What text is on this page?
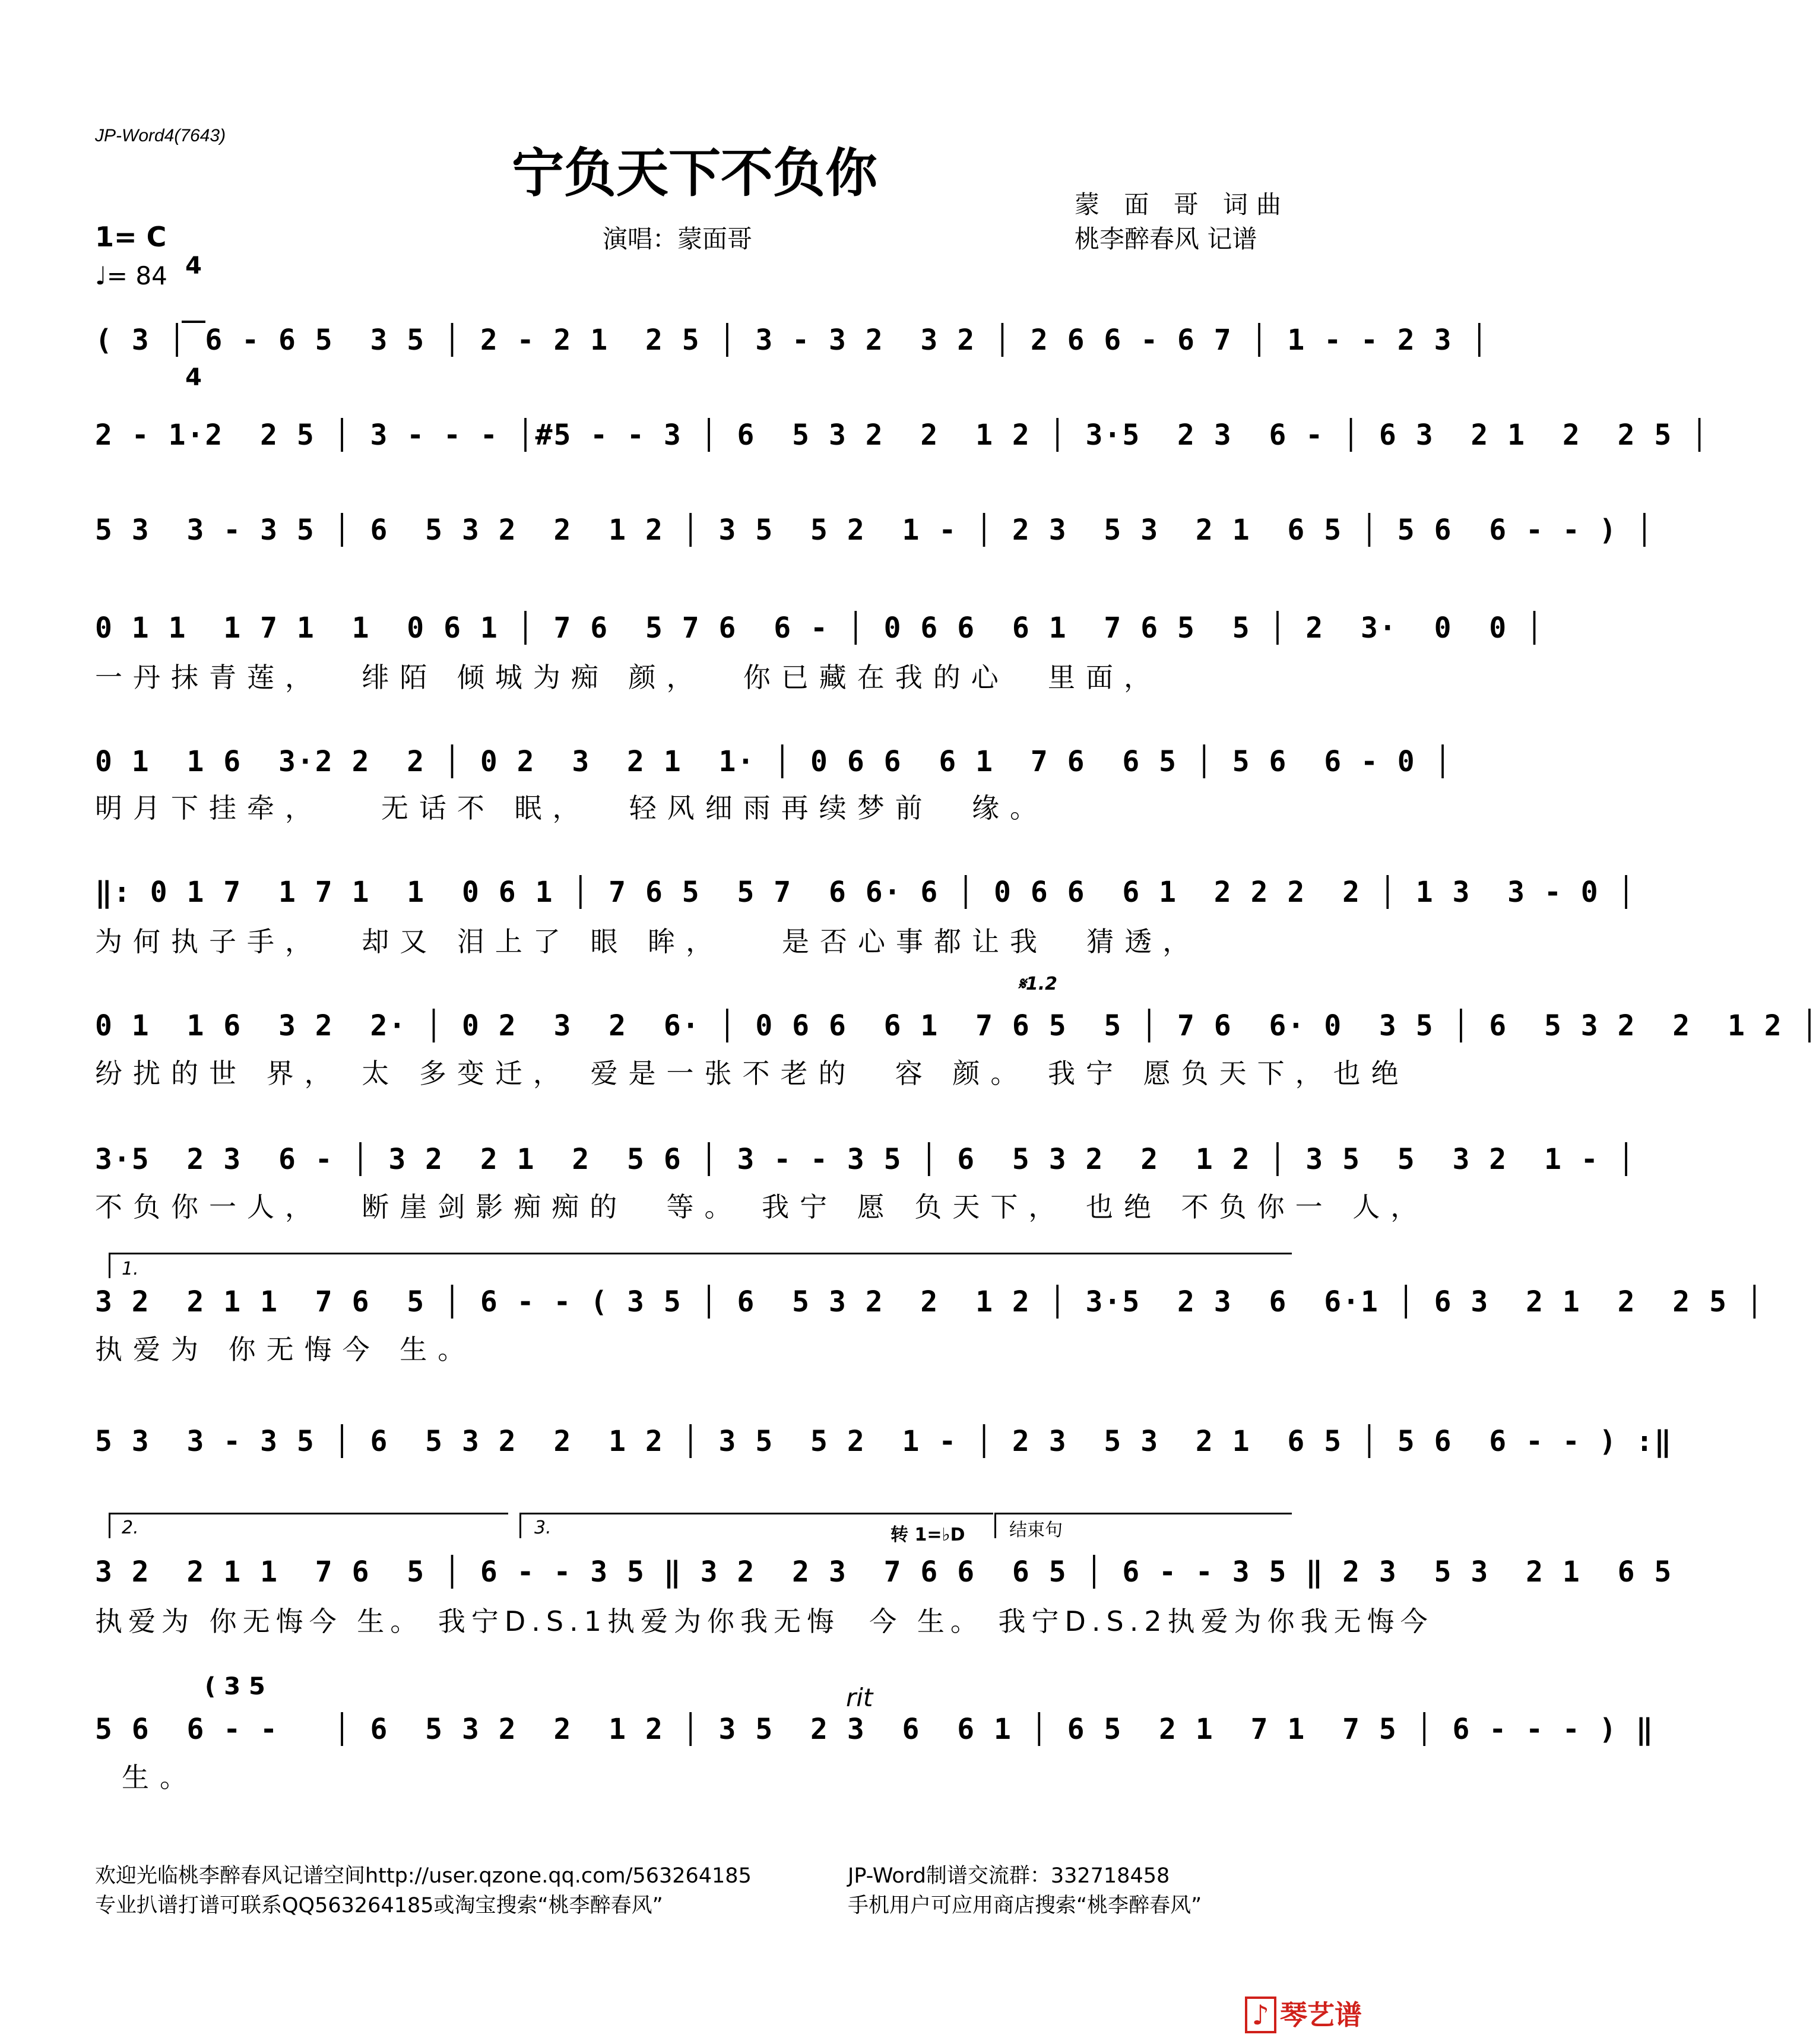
JP-Word4(7643)
宁负天下不负你
蒙 面 哥 词曲
桃李醉春风 记谱
演唱：蒙面哥
1= C

4

4

♩= 84
( 3 │ 6 - 6 5  3 5 │ 2 - 2 1  2 5 │ 3 - 3 2  3 2 │ 2 6 6 - 6 7 │ 1 - - 2 3 │
2 - 1·2  2 5 │ 3 - - - │#5 - - 3 │ 6  5 3 2  2  1 2 │ 3·5  2 3  6 - │ 6 3  2 1  2  2 5 │
5 3  3 - 3 5 │ 6  5 3 2  2  1 2 │ 3 5  5 2  1 - │ 2 3  5 3  2 1  6 5 │ 5 6  6 - - ) │
0 1 1  1 7 1  1  0 6 1 │ 7 6  5 7 6  6 - │ 0 6 6  6 1  7 6 5  5 │ 2  3·  0  0 │
一丹抹青莲，  绯陌 倾城为痴 颜，  你已藏在我的心  里面，
0 1  1 6  3·2 2  2 │ 0 2  3  2 1  1· │ 0 6 6  6 1  7 6  6 5 │ 5 6  6 - 0 │
明月下挂牵，   无话不 眠，  轻风细雨再续梦前  缘。
‖: 0 1 7  1 7 1  1  0 6 1 │ 7 6 5  5 7  6 6· 6 │ 0 6 6  6 1  2 2 2  2 │ 1 3  3 - 0 │
为何执子手，  却又 泪上了 眼 眸，   是否心事都让我  猜透，
𝄋1.2
0 1  1 6  3 2  2· │ 0 2  3  2  6· │ 0 6 6  6 1  7 6 5  5 │ 7 6  6· 0  3 5 │ 6  5 3 2  2  1 2 │
纷扰的世 界， 太 多变迁， 爱是一张不老的  容 颜。 我宁 愿负天下，也绝
3·5  2 3  6 - │ 3 2  2 1  2  5 6 │ 3 - - 3 5 │ 6  5 3 2  2  1 2 │ 3 5  5  3 2  1 - │
不负你一人，  断崖剑影痴痴的  等。 我宁 愿 负天下， 也绝 不负你一 人，
1.
3 2  2 1 1  7 6  5 │ 6 - - ( 3 5 │ 6  5 3 2  2  1 2 │ 3·5  2 3  6  6·1 │ 6 3  2 1  2  2 5 │
执爱为 你无悔今 生。
5 3  3 - 3 5 │ 6  5 3 2  2  1 2 │ 3 5  5 2  1 - │ 2 3  5 3  2 1  6 5 │ 5 6  6 - - ) :‖
2.	3.	转 1=♭D 结束句
3 2  2 1 1  7 6  5 │ 6 - - 3 5 ‖ 3 2  2 3  7 6 6  6 5 │ 6 - - 3 5 ‖ 2 3  5 3  2 1  6 5
执爱为 你无悔今 生。 我宁D.S.1执爱为你我无悔  今 生。 我宁D.S.2执爱为你我无悔今
( 3 5	rit
5 6  6 - -   │ 6  5 3 2  2  1 2 │ 3 5  2 3  6  6 1 │ 6 5  2 1  7 1  7 5 │ 6 - - - ) ‖
生。
欢迎光临桃李醉春风记谱空间http://user.qzone.qq.com/563264185	JP-Word制谱交流群：332718458
专业扒谱打谱可联系QQ563264185或淘宝搜索“桃李醉春风”	手机用户可应用商店搜索“桃李醉春风”
♪ 琴艺谱
